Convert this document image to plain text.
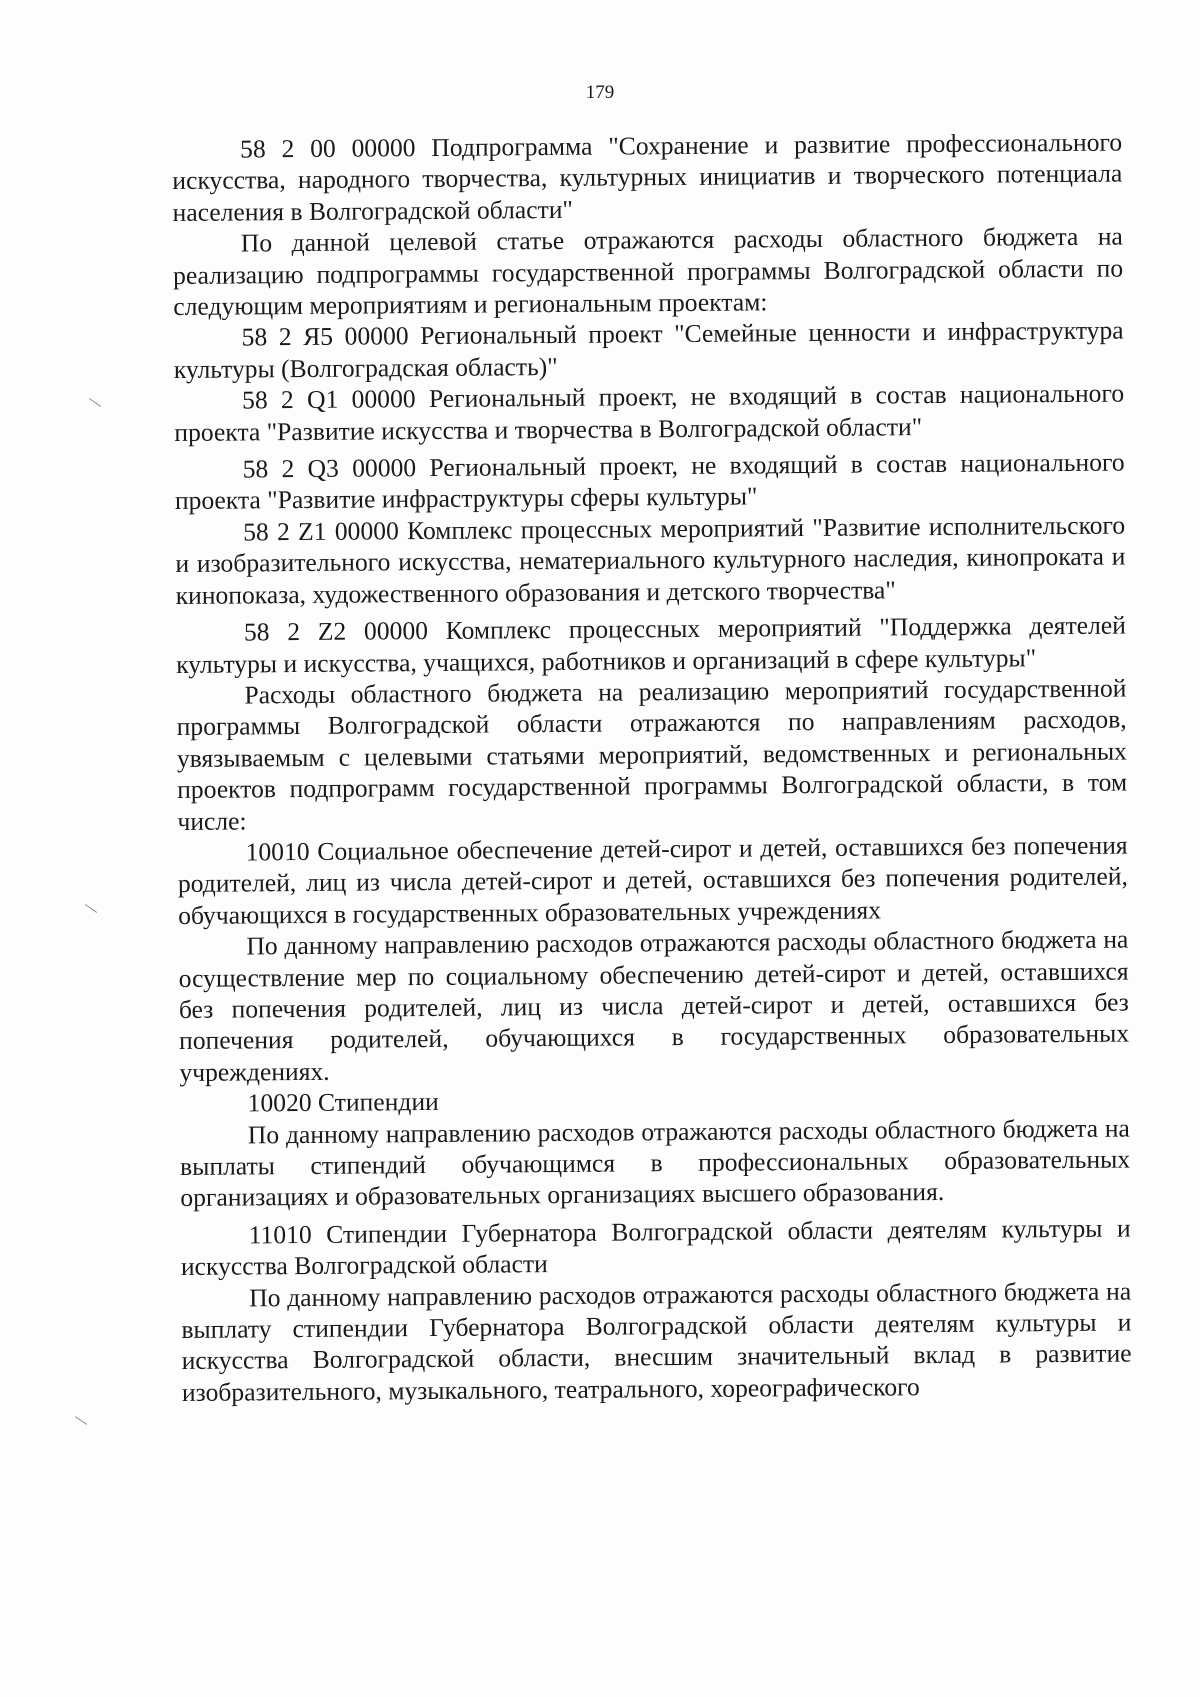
179

58 2 00 00000 Подпрограмма "Сохранение и развитие профессионального искусства, народного творчества, культурных инициатив и творческого потенциала населения в Волгоградской области"

По данной целевой статье отражаются расходы областного бюджета на реализацию подпрограммы государственной программы Волгоградской области по следующим мероприятиям и региональным проектам:

58 2 Я5 00000 Региональный проект "Семейные ценности и инфраструктура культуры (Волгоградская область)"

58 2 Q1 00000 Региональный проект, не входящий в состав национального проекта "Развитие искусства и творчества в Волгоградской области"

58 2 Q3 00000 Региональный проект, не входящий в состав национального проекта "Развитие инфраструктуры сферы культуры"

58 2 Z1 00000 Комплекс процессных мероприятий "Развитие исполнительского и изобразительного искусства, нематериального культурного наследия, кинопроката и кинопоказа, художественного образования и детского творчества"

58 2 Z2 00000 Комплекс процессных мероприятий "Поддержка деятелей культуры и искусства, учащихся, работников и организаций в сфере культуры"

Расходы областного бюджета на реализацию мероприятий государственной программы Волгоградской области отражаются по направлениям расходов, увязываемым с целевыми статьями мероприятий, ведомственных и региональных проектов подпрограмм государственной программы Волгоградской области, в том числе:

10010 Социальное обеспечение детей-сирот и детей, оставшихся без попечения родителей, лиц из числа детей-сирот и детей, оставшихся без попечения родителей, обучающихся в государственных образовательных учреждениях

По данному направлению расходов отражаются расходы областного бюджета на осуществление мер по социальному обеспечению детей-сирот и детей, оставшихся без попечения родителей, лиц из числа детей-сирот и детей, оставшихся без попечения родителей, обучающихся в государственных образовательных учреждениях.

10020 Стипендии

По данному направлению расходов отражаются расходы областного бюджета на выплаты стипендий обучающимся в профессиональных образовательных организациях и образовательных организациях высшего образования.

11010 Стипендии Губернатора Волгоградской области деятелям культуры и искусства Волгоградской области

По данному направлению расходов отражаются расходы областного бюджета на выплату стипендии Губернатора Волгоградской области деятелям культуры и искусства Волгоградской области, внесшим значительный вклад в развитие изобразительного, музыкального, театрального, хореографического
